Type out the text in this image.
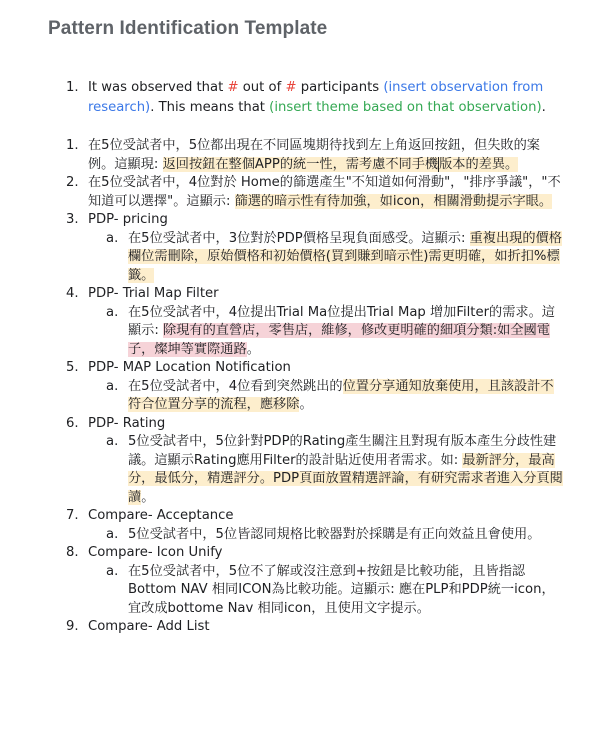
Pattern Identification Template
1. It was observed that # out of # participants (insert observation from research). This means that (insert theme based on that observation).
1. 在5位受試者中，5位都出現在不同區塊期待找到左上角返回按鈕，但失敗的案例。這顯現: 返回按鈕在整個APP的統一性，需考慮不同手機版本的差異。
2. 在5位受試者中，4位對於 Home的篩選產生"不知道如何滑動"，"排序爭議"，"不知道可以選擇"。這顯示: 篩選的暗示性有待加強，如icon，相關滑動提示字眼。
3. PDP- pricing
a. 在5位受試者中，3位對於PDP價格呈現負面感受。這顯示: 重複出現的價格欄位需刪除，原始價格和初始價格(買到賺到暗示性)需更明確，如折扣%標籤。
4. PDP- Trial Map Filter
a. 在5位受試者中，4位提出Trial Ma位提出Trial Map 增加Filter的需求。這顯示: 除現有的直營店，零售店，維修，修改更明確的細項分類:如全國電子，燦坤等實際通路。
5. PDP- MAP Location Notification
a. 在5位受試者中，4位看到突然跳出的位置分享通知放棄使用，且該設計不符合位置分享的流程，應移除。
6. PDP- Rating
a. 5位受試者中，5位針對PDP的Rating產生關注且對現有版本產生分歧性建議。這顯示Rating應用Filter的設計貼近使用者需求。如: 最新評分，最高分，最低分，精選評分。PDP頁面放置精選評論，有研究需求者進入分頁閱讀。
7. Compare- Acceptance
a. 5位受試者中，5位皆認同規格比較器對於採購是有正向效益且會使用。
8. Compare- Icon Unify
a. 在5位受試者中，5位不了解或沒注意到+按鈕是比較功能，且皆指認Bottom NAV 相同ICON為比較功能。這顯示: 應在PLP和PDP統一icon，宜改成bottome Nav 相同icon，且使用文字提示。
9. Compare- Add List
